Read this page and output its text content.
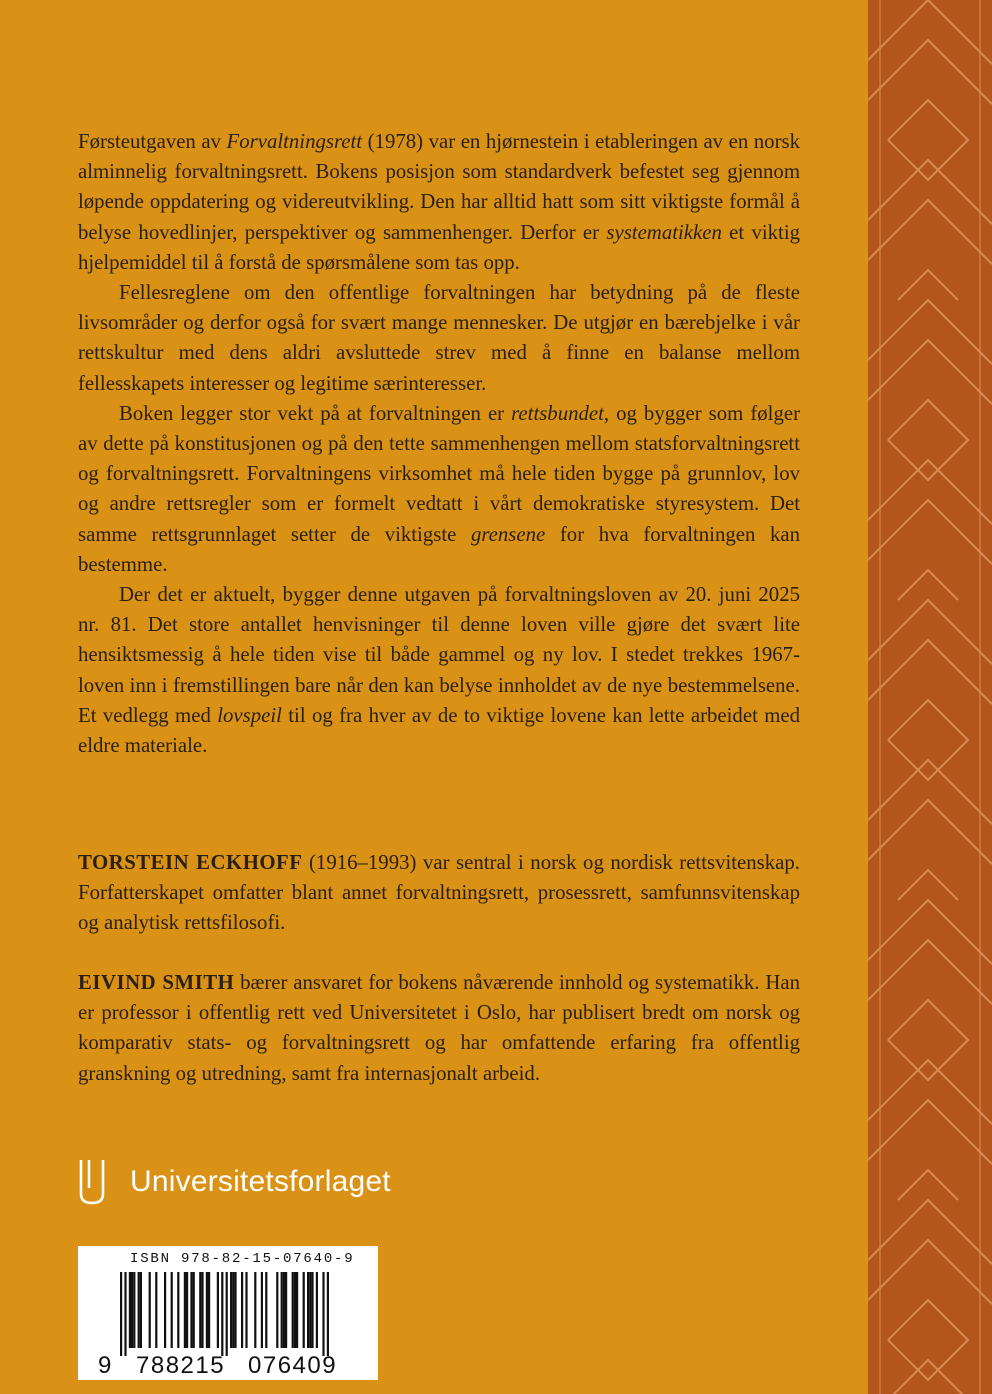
Førsteutgaven av Forvaltningsrett (1978) var en hjørnestein i etableringen av en norsk alminnelig forvaltningsrett. Bokens posisjon som standardverk befestet seg gjennom løpende oppdatering og videreutvikling. Den har alltid hatt som sitt viktigste formål å belyse hovedlinjer, perspektiver og sammenhenger. Derfor er systematikken et viktig hjelpemiddel til å forstå de spørsmålene som tas opp.

Fellesreglene om den offentlige forvaltningen har betydning på de fleste livsområder og derfor også for svært mange mennesker. De utgjør en bærebjelke i vår rettskultur med dens aldri avsluttede strev med å finne en balanse mellom fellesskapets interesser og legitime særinteresser.

Boken legger stor vekt på at forvaltningen er rettsbundet, og bygger som følger av dette på konstitusjonen og på den tette sammenhengen mellom statsforvaltningsrett og forvaltningsrett. Forvaltningens virksomhet må hele tiden bygge på grunnlov, lov og andre rettsregler som er formelt vedtatt i vårt demokratiske styresystem. Det samme rettsgrunnlaget setter de viktigste grensene for hva forvaltningen kan bestemme.

Der det er aktuelt, bygger denne utgaven på forvaltningsloven av 20. juni 2025 nr. 81. Det store antallet henvisninger til denne loven ville gjøre det svært lite hensiktsmessig å hele tiden vise til både gammel og ny lov. I stedet trekkes 1967-loven inn i fremstillingen bare når den kan belyse innholdet av de nye bestemmelsene. Et vedlegg med lovspeil til og fra hver av de to viktige lovene kan lette arbeidet med eldre materiale.

TORSTEIN ECKHOFF (1916–1993) var sentral i norsk og nordisk rettsvitenskap. Forfatterskapet omfatter blant annet forvaltningsrett, prosessrett, samfunnsvitenskap og analytisk rettsfilosofi.
EIVIND SMITH bærer ansvaret for bokens nåværende innhold og systematikk. Han er professor i offentlig rett ved Universitetet i Oslo, har publisert bredt om norsk og komparativ stats- og forvaltningsrett og har omfattende erfaring fra offentlig granskning og utredning, samt fra internasjonalt arbeid.
Universitetsforlaget
ISBN 978-82-15-07640-9
9 788215 076409
